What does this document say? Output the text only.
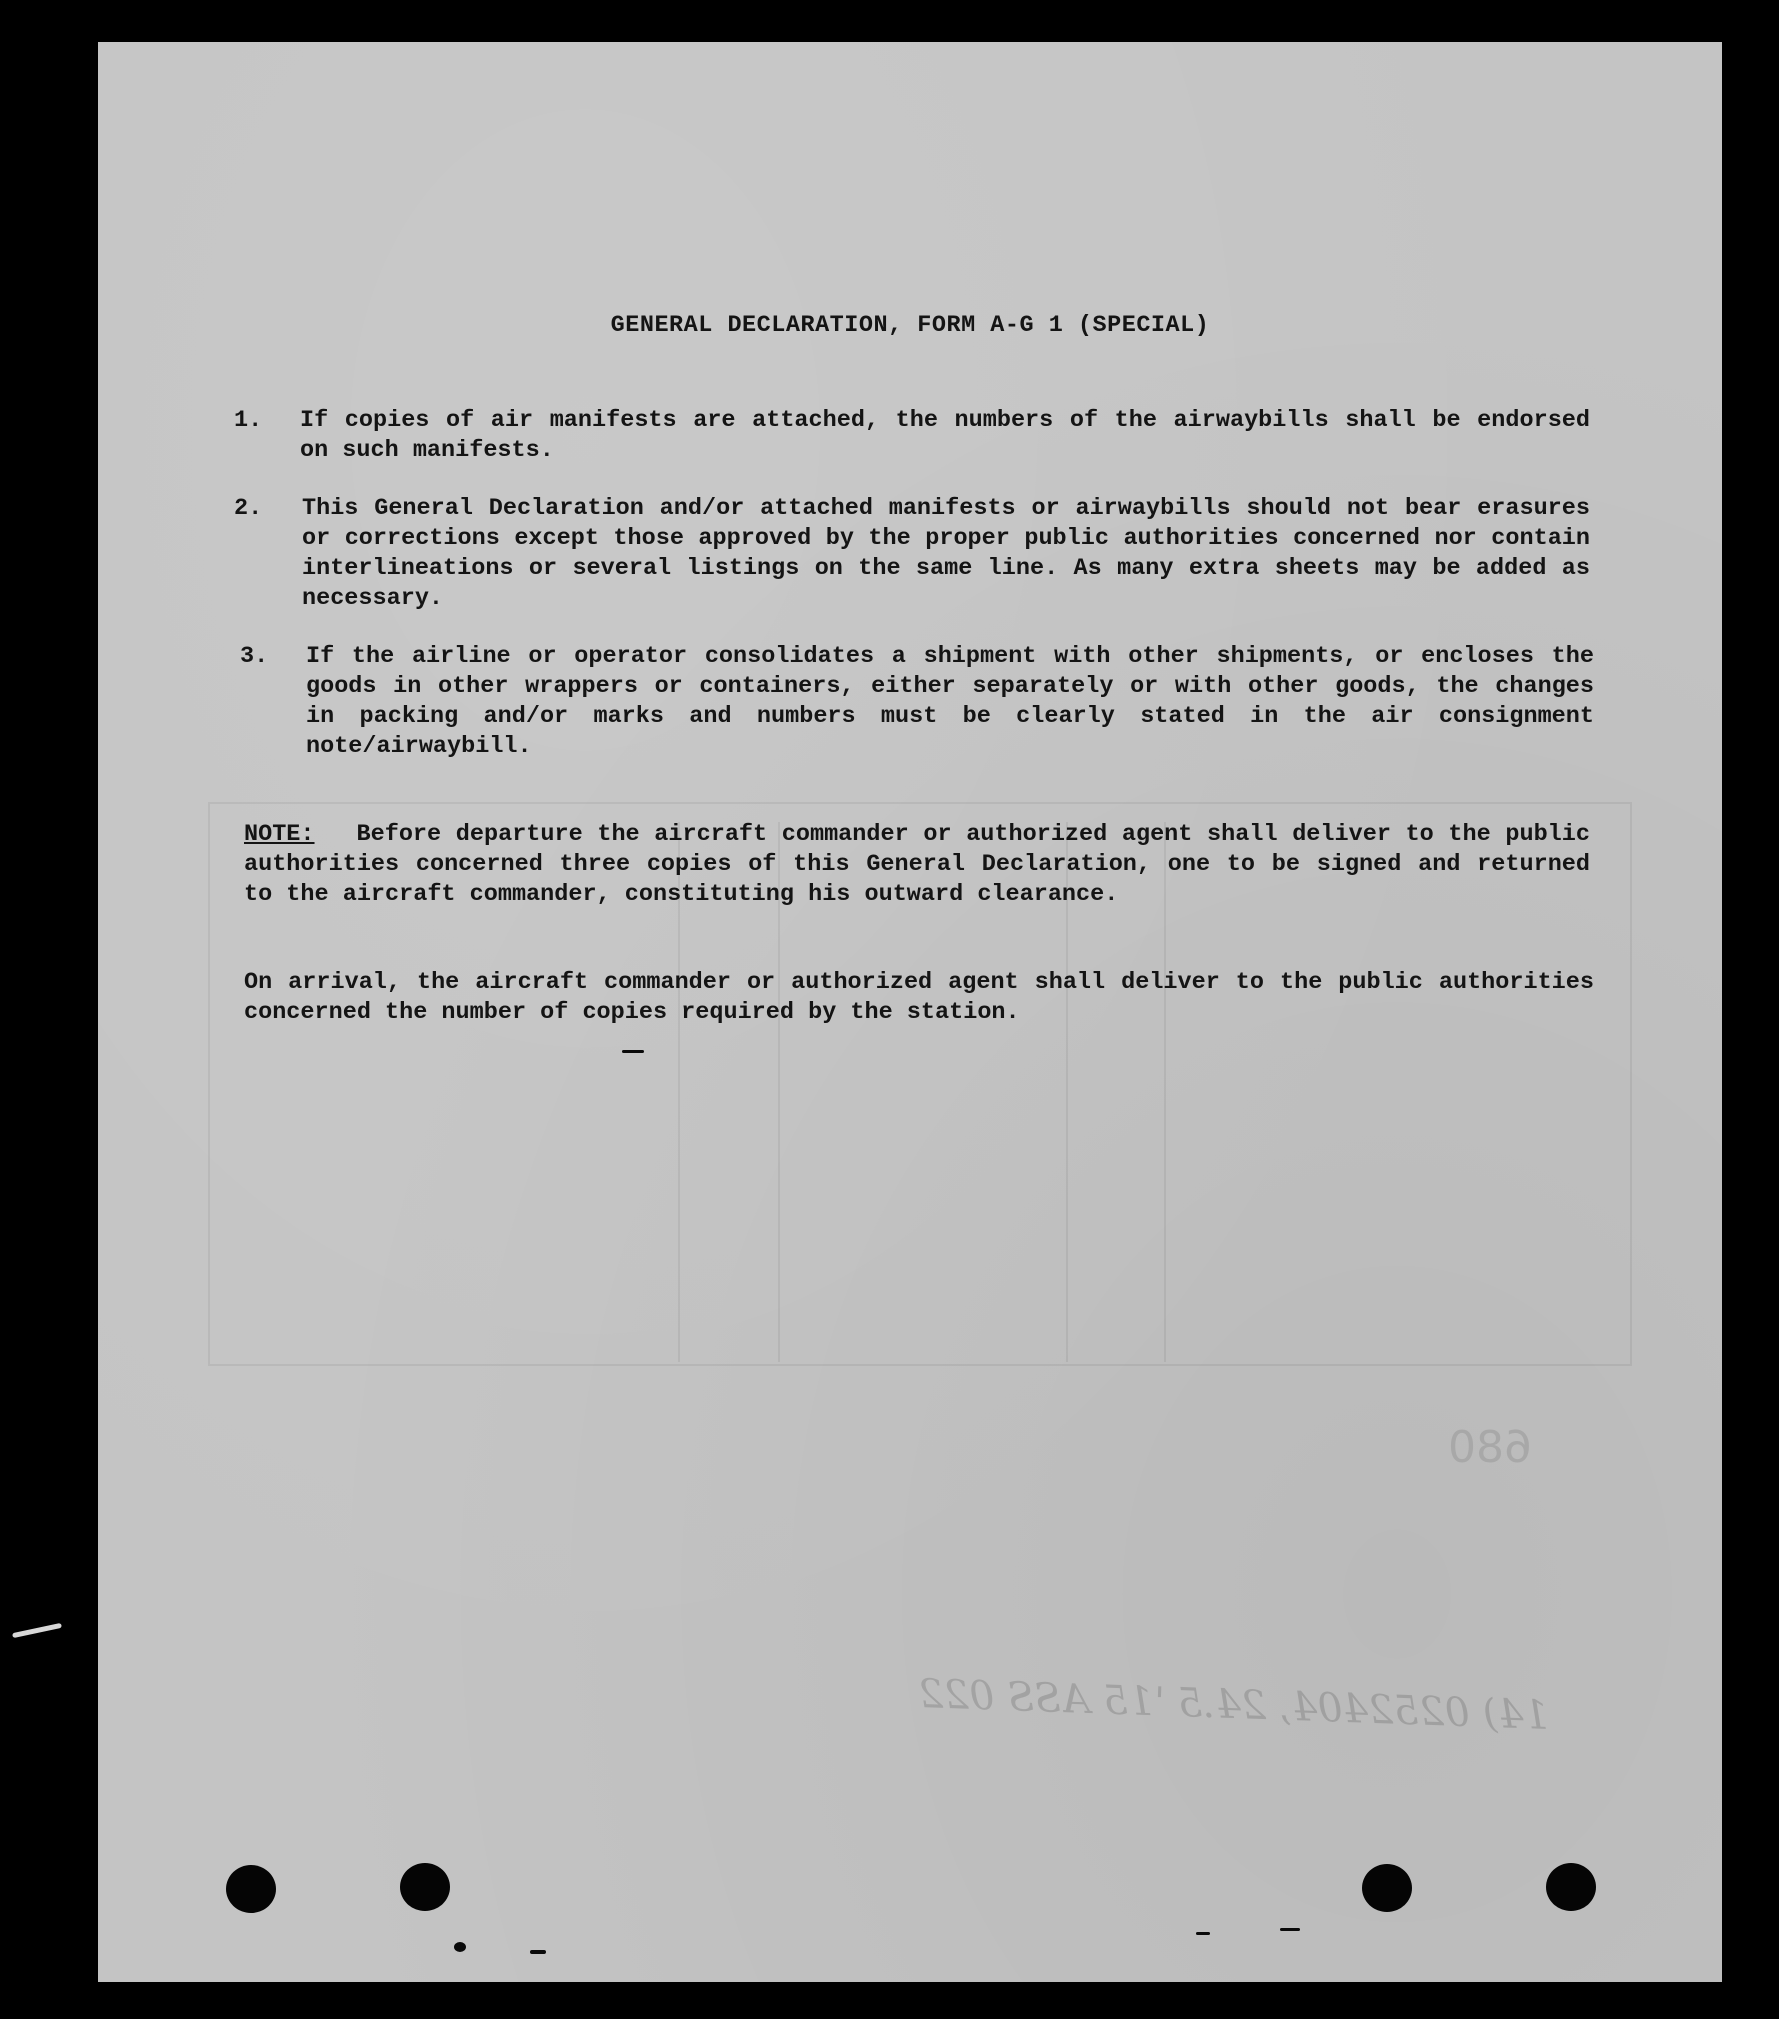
680
14) 0252404, 24.5 '15 ASS 022
GENERAL DECLARATION, FORM A-G 1 (SPECIAL)
1. If copies of air manifests are attached, the numbers of the airwaybills shall be endorsed on such manifests.

2. This General Declaration and/or attached manifests or airwaybills should not bear erasures or corrections except those approved by the proper public authorities concerned nor contain interlineations or several listings on the same line. As many extra sheets may be added as necessary.

3. If the airline or operator consolidates a shipment with other shipments, or encloses the goods in other wrappers or containers, either separately or with other goods, the changes in packing and/or marks and numbers must be clearly stated in the air consignment note/airwaybill.

NOTE: Before departure the aircraft commander or authorized agent shall deliver to the public authorities concerned three copies of this General Declaration, one to be signed and returned to the aircraft commander, constituting his outward clearance.

On arrival, the aircraft commander or authorized agent shall deliver to the public authorities concerned the number of copies required by the station.
